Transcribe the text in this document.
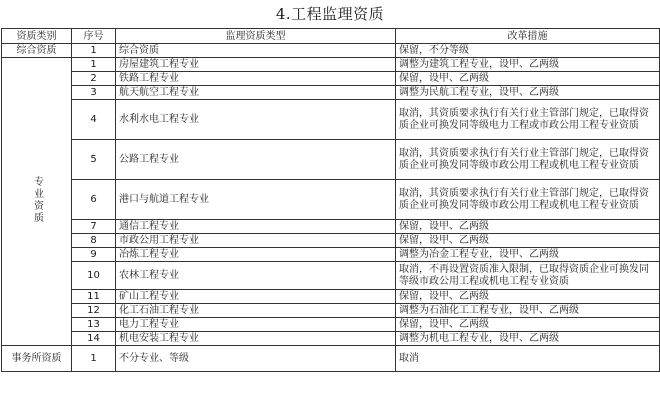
4.工程监理资质
资质类别	序号	监理资质类型	改革措施
综合资质	1	综合资质	保留，不分等级
专业资质	1	房屋建筑工程专业	调整为建筑工程专业，设甲、乙两级
	2	铁路工程专业	保留，设甲、乙两级
	3	航天航空工程专业	调整为民航工程专业，设甲、乙两级
	4	水利水电工程专业	取消，其资质要求执行有关行业主管部门规定，已取得资质企业可换发同等级电力工程或市政公用工程专业资质
	5	公路工程专业	取消，其资质要求执行有关行业主管部门规定，已取得资质企业可换发同等级市政公用工程或机电工程专业资质
	6	港口与航道工程专业	取消，其资质要求执行有关行业主管部门规定，已取得资质企业可换发同等级市政公用工程或机电工程专业资质
	7	通信工程专业	保留，设甲、乙两级
	8	市政公用工程专业	保留，设甲、乙两级
	9	冶炼工程专业	调整为冶金工程专业，设甲、乙两级
	10	农林工程专业	取消，不再设置资质准入限制，已取得资质企业可换发同等级市政公用工程或机电工程专业资质
	11	矿山工程专业	保留，设甲、乙两级
	12	化工石油工程专业	调整为石油化工工程专业，设甲、乙两级
	13	电力工程专业	保留，设甲、乙两级
	14	机电安装工程专业	调整为机电工程专业，设甲、乙两级
事务所资质	1	不分专业、等级	取消
